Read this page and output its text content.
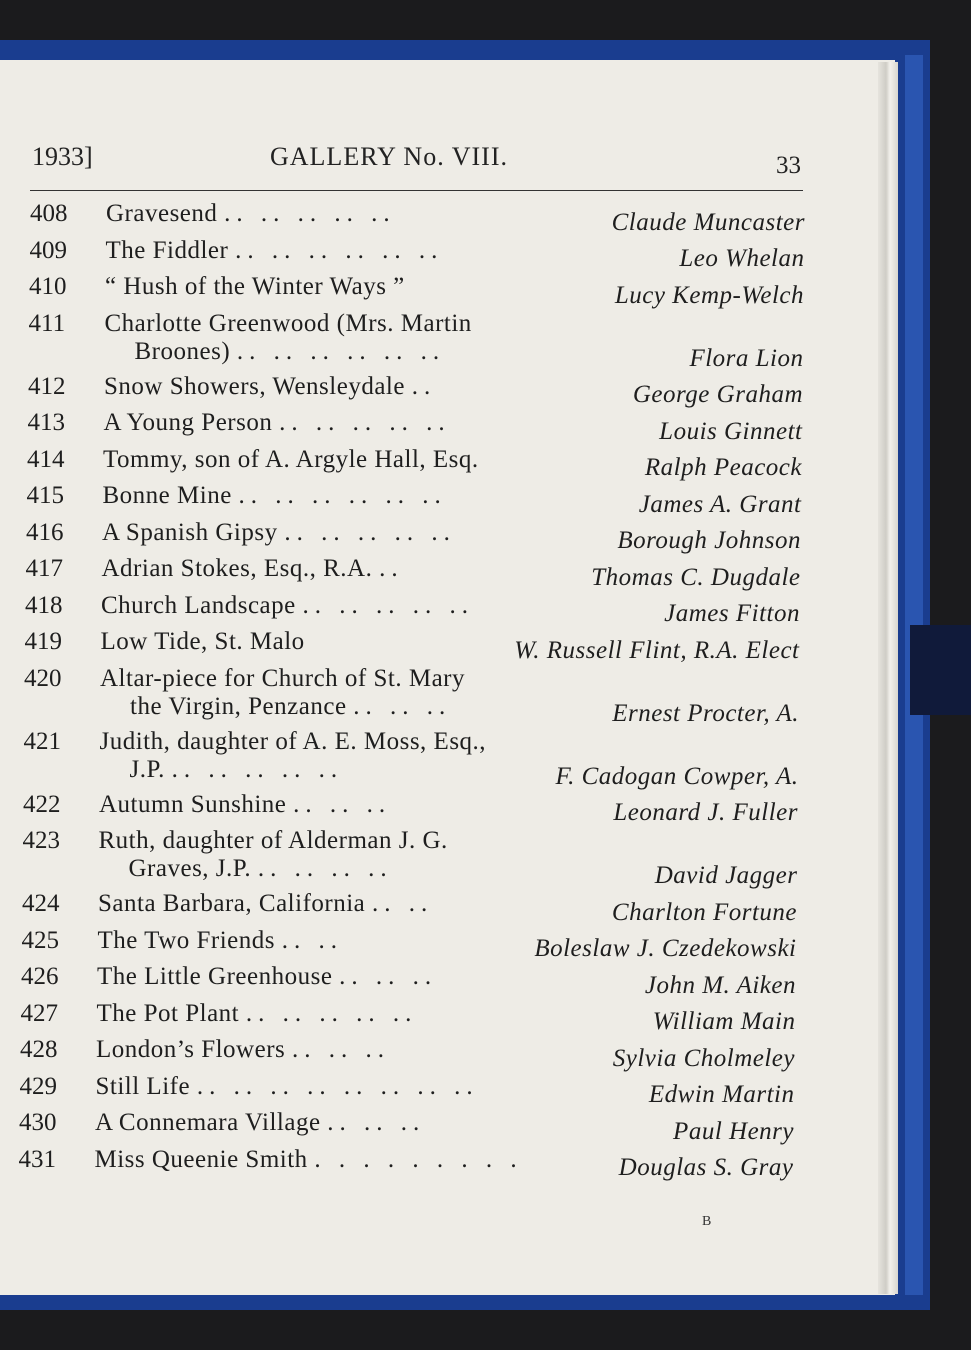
1933]	GALLERY No. VIII.	33
408	Gravesend .. .. .. .. ..	Claude Muncaster
409	The Fiddler .. .. .. .. .. ..	Leo Whelan
410	“ Hush of the Winter Ways ”	Lucy Kemp-Welch
411	Charlotte Greenwood (Mrs. Martin
Broones) .. .. .. .. .. ..	Flora Lion
412	Snow Showers, Wensleydale ..	George Graham
413	A Young Person .. .. .. .. ..	Louis Ginnett
414	Tommy, son of A. Argyle Hall, Esq.	Ralph Peacock
415	Bonne Mine .. .. .. .. .. ..	James A. Grant
416	A Spanish Gipsy .. .. .. .. ..	Borough Johnson
417	Adrian Stokes, Esq., R.A. ..	Thomas C. Dugdale
418	Church Landscape .. .. .. .. ..	James Fitton
419	Low Tide, St. Malo	W. Russell Flint, R.A. Elect
420	Altar-piece for Church of St. Mary
the Virgin, Penzance .. .. ..	Ernest Procter, A.
421	Judith, daughter of A. E. Moss, Esq.,
J.P. .. .. .. .. ..	F. Cadogan Cowper, A.
422	Autumn Sunshine .. .. ..	Leonard J. Fuller
423	Ruth, daughter of Alderman J. G.
Graves, J.P. .. .. .. ..	David Jagger
424	Santa Barbara, California .. ..	Charlton Fortune
425	The Two Friends .. ..	Boleslaw J. Czedekowski
426	The Little Greenhouse .. .. ..	John M. Aiken
427	The Pot Plant .. .. .. .. ..	William Main
428	London’s Flowers .. .. ..	Sylvia Cholmeley
429	Still Life .. .. .. .. .. .. .. ..	Edwin Martin
430	A Connemara Village .. .. ..	Paul Henry
431	Miss Queenie Smith . . . . . . . . .	Douglas S. Gray
B
